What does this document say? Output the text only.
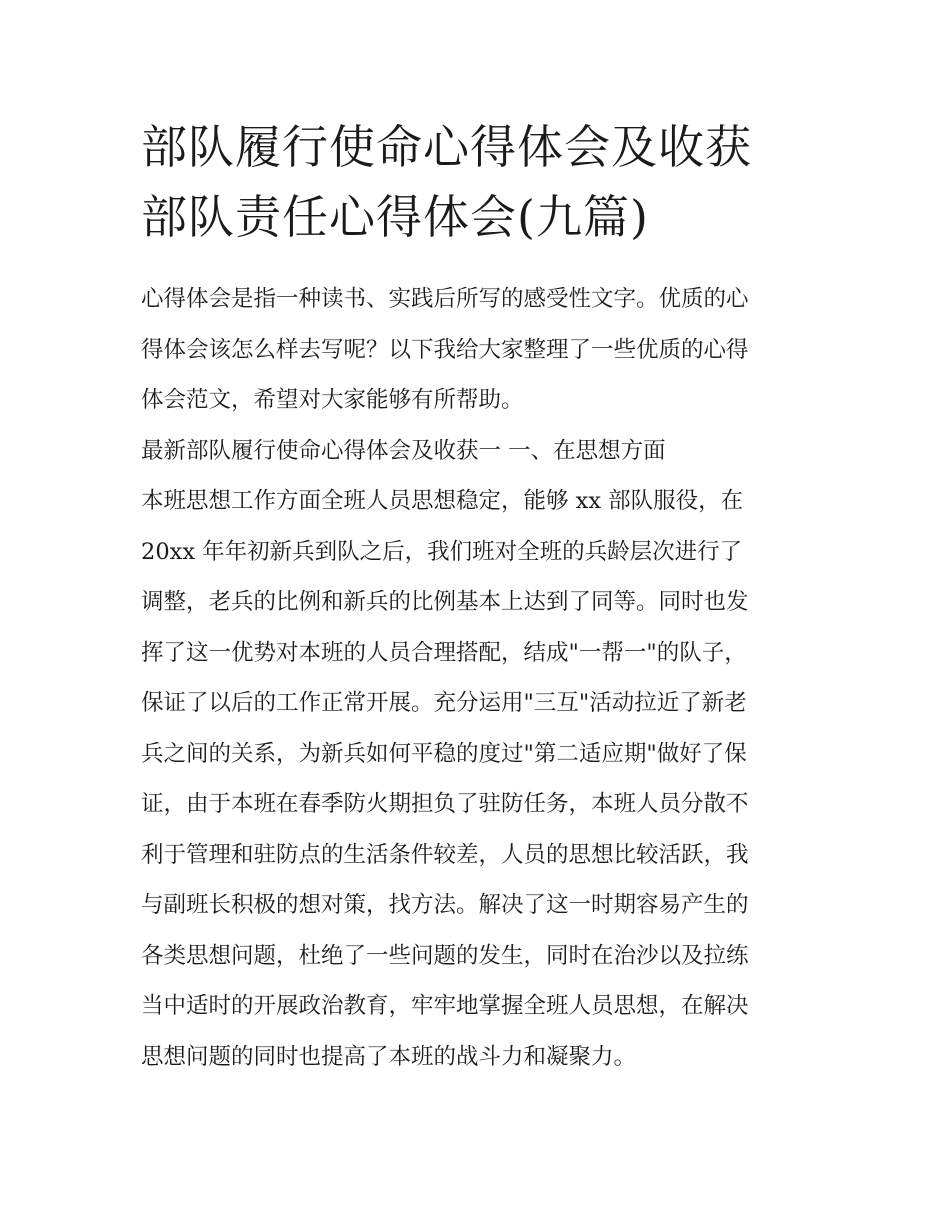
部队履行使命心得体会及收获
部队责任心得体会(九篇)
心得体会是指一种读书、实践后所写的感受性文字。优质的心
得体会该怎么样去写呢？以下我给大家整理了一些优质的心得
体会范文，希望对大家能够有所帮助。
最新部队履行使命心得体会及收获一 一、在思想方面
本班思想工作方面全班人员思想稳定，能够 xx 部队服役，在
20xx 年年初新兵到队之后，我们班对全班的兵龄层次进行了
调整，老兵的比例和新兵的比例基本上达到了同等。同时也发
挥了这一优势对本班的人员合理搭配，结成"一帮一"的队子，
保证了以后的工作正常开展。充分运用"三互"活动拉近了新老
兵之间的关系，为新兵如何平稳的度过"第二适应期"做好了保
证，由于本班在春季防火期担负了驻防任务，本班人员分散不
利于管理和驻防点的生活条件较差，人员的思想比较活跃，我
与副班长积极的想对策，找方法。解决了这一时期容易产生的
各类思想问题，杜绝了一些问题的发生，同时在治沙以及拉练
当中适时的开展政治教育，牢牢地掌握全班人员思想，在解决
思想问题的同时也提高了本班的战斗力和凝聚力。
